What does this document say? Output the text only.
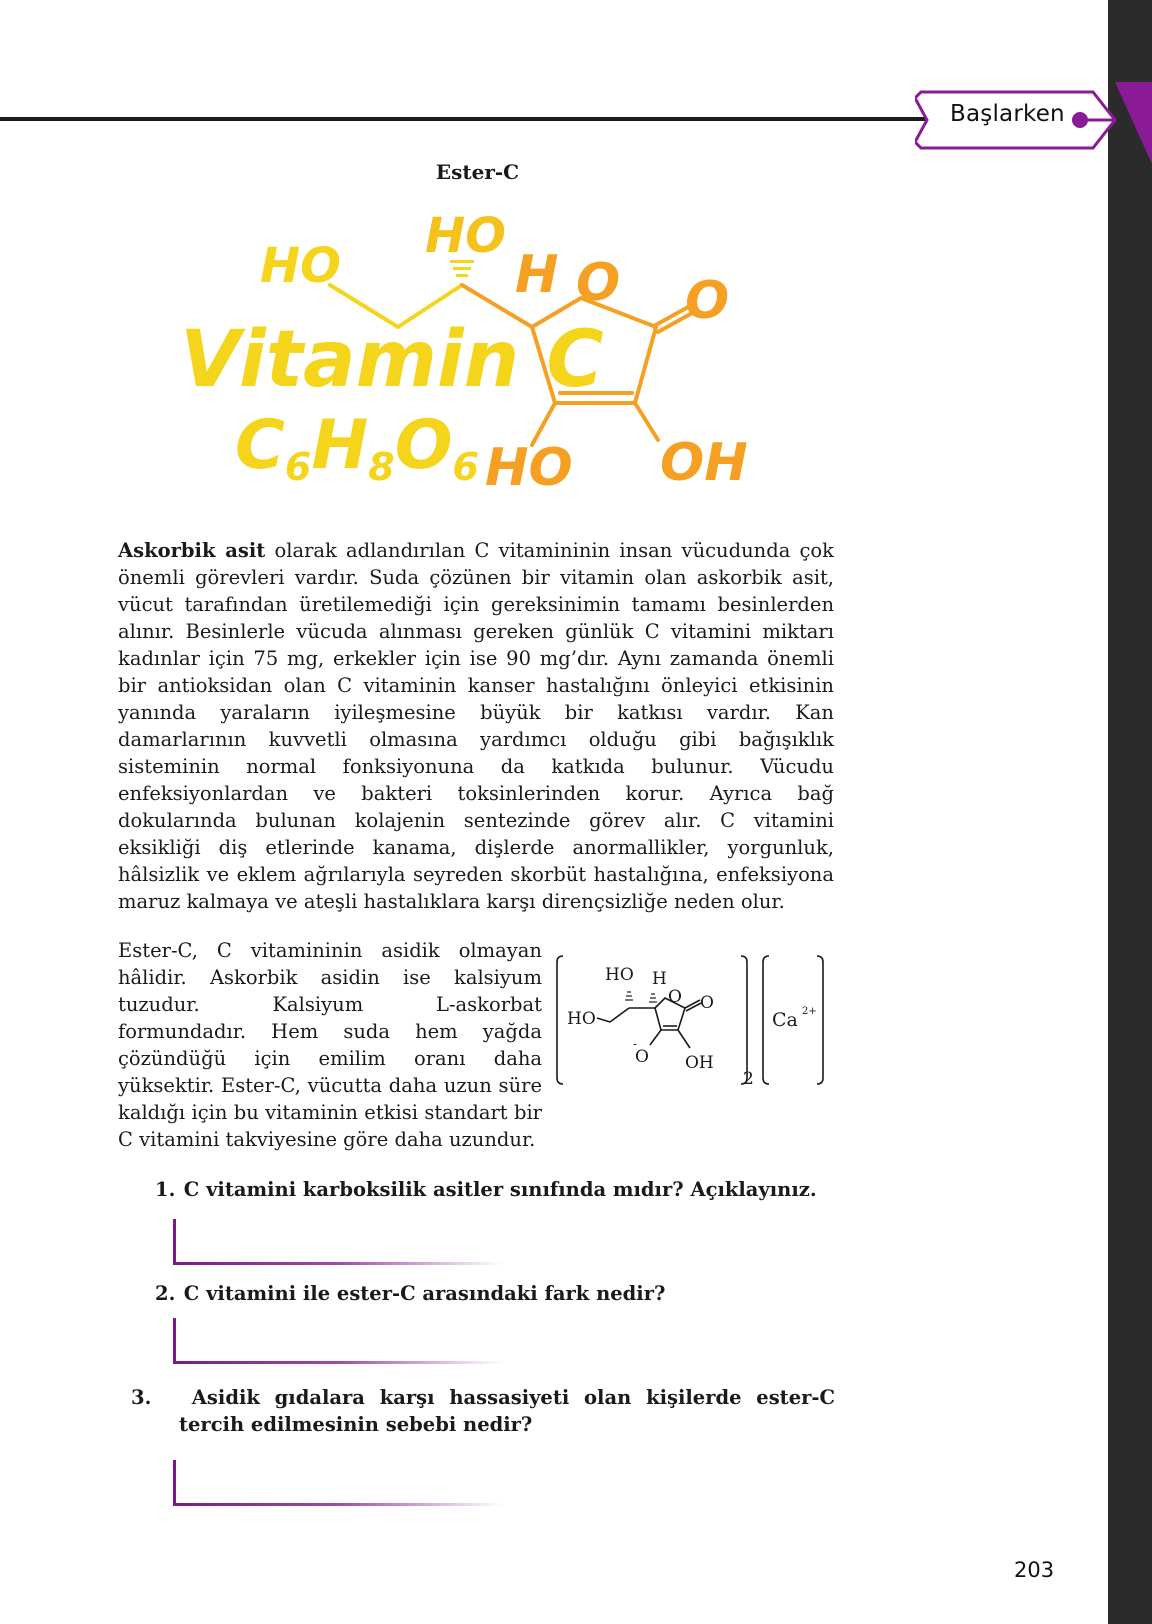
Başlarken
Ester-C
HO
HO
H O O
Vitamin C
HO OH
C6H8O6

Askorbik asit olarak adlandırılan C vitamininin insan vücudunda çok önemli görevleri vardır. Suda çözünen bir vitamin olan askorbik asit, vücut tarafından üretilemediği için gereksinimin tamamı besinlerden alınır. Besinlerle vücuda alınması gereken günlük C vitamini miktarı kadınlar için 75 mg, erkekler için ise 90 mg’dır. Aynı zamanda önemli bir antioksidan olan C vitaminin kanser hastalığını önleyici etkisinin yanında yaraların iyileşmesine büyük bir katkısı vardır. Kan damarlarının kuvvetli olmasına yardımcı olduğu gibi bağışıklık sisteminin normal fonksiyonuna da katkıda bulunur. Vücudu enfeksiyonlardan ve bakteri toksinlerinden korur. Ayrıca bağ dokularında bulunan kolajenin sentezinde görev alır. C vitamini eksikliği diş etlerinde kanama, dişlerde anormallikler, yorgunluk, hâlsizlik ve eklem ağrılarıyla seyreden skorbüt hastalığına, enfeksiyona maruz kalmaya ve ateşli hastalıklara karşı dirençsizliğe neden olur.

Ester-C, C vitamininin asidik olmayan hâlidir. Askorbik asidin ise kalsiyum tuzudur. Kalsiyum L-askorbat formundadır. Hem suda hem yağda çözündüğü için emilim oranı daha yüksektir. Ester-C, vücutta daha uzun süre kaldığı için bu vitaminin etkisi standart bir C vitamini takviyesine göre daha uzundur.

HO H
O O
HO
O
-
OH
2
Ca 2+
1. C vitamini karboksilik asitler sınıfında mıdır? Açıklayınız.
2. C vitamini ile ester-C arasındaki fark nedir?
3. Asidik gıdalara karşı hassasiyeti olan kişilerde ester-C tercih edilmesinin sebebi nedir?
203
